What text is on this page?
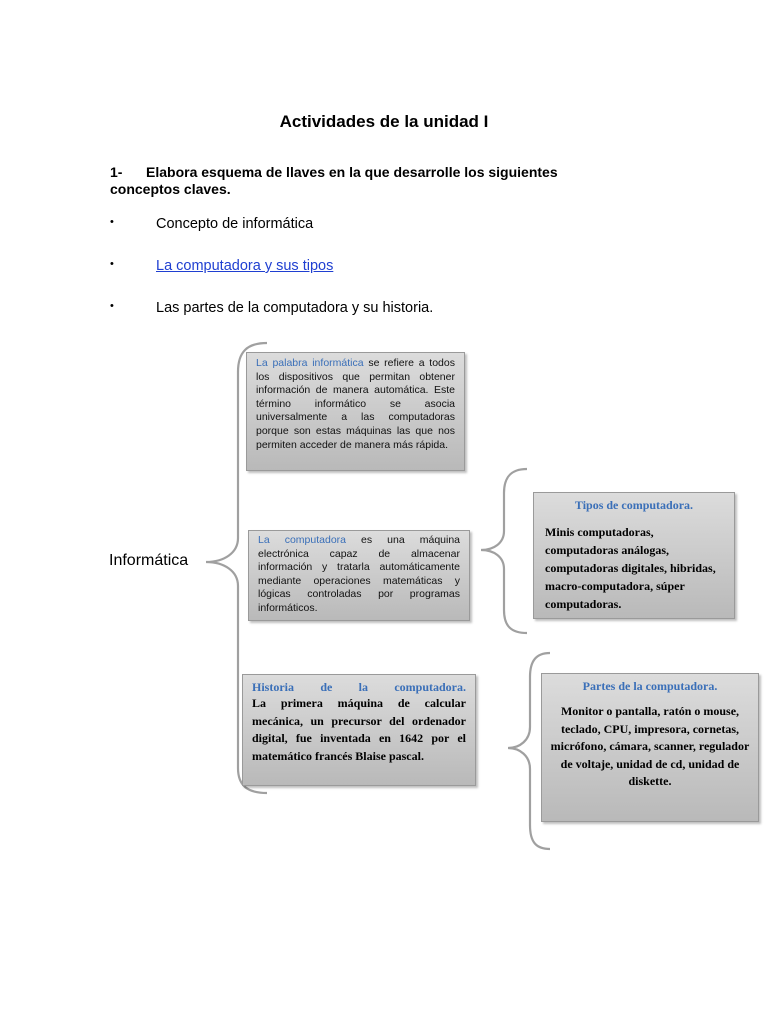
Actividades de la unidad I
1- Elabora esquema de llaves en la que desarrolle los siguientes conceptos claves.
•	Concepto de informática
•	La computadora y sus tipos
•	Las partes de la computadora y su historia.
Informática

La palabra informática se refiere a todos los dispositivos que permitan obtener información de manera automática. Este término informático se asocia universalmente a las computadoras porque son estas máquinas las que nos permiten acceder de manera más rápida.

La computadora es una máquina electrónica capaz de almacenar información y tratarla automáticamente mediante operaciones matemáticas y lógicas controladas por programas informáticos.

Historia de la computadora.

La primera máquina de calcular mecánica, un precursor del ordenador digital, fue inventada en 1642 por el matemático francés Blaise pascal.

Tipos de computadora.

Minis computadoras, computadoras análogas, computadoras digitales, hibridas, macro-computadora, súper computadoras.

Partes de la computadora.

Monitor o pantalla, ratón o mouse, teclado, CPU, impresora, cornetas, micrófono, cámara, scanner, regulador de voltaje, unidad de cd, unidad de diskette.
